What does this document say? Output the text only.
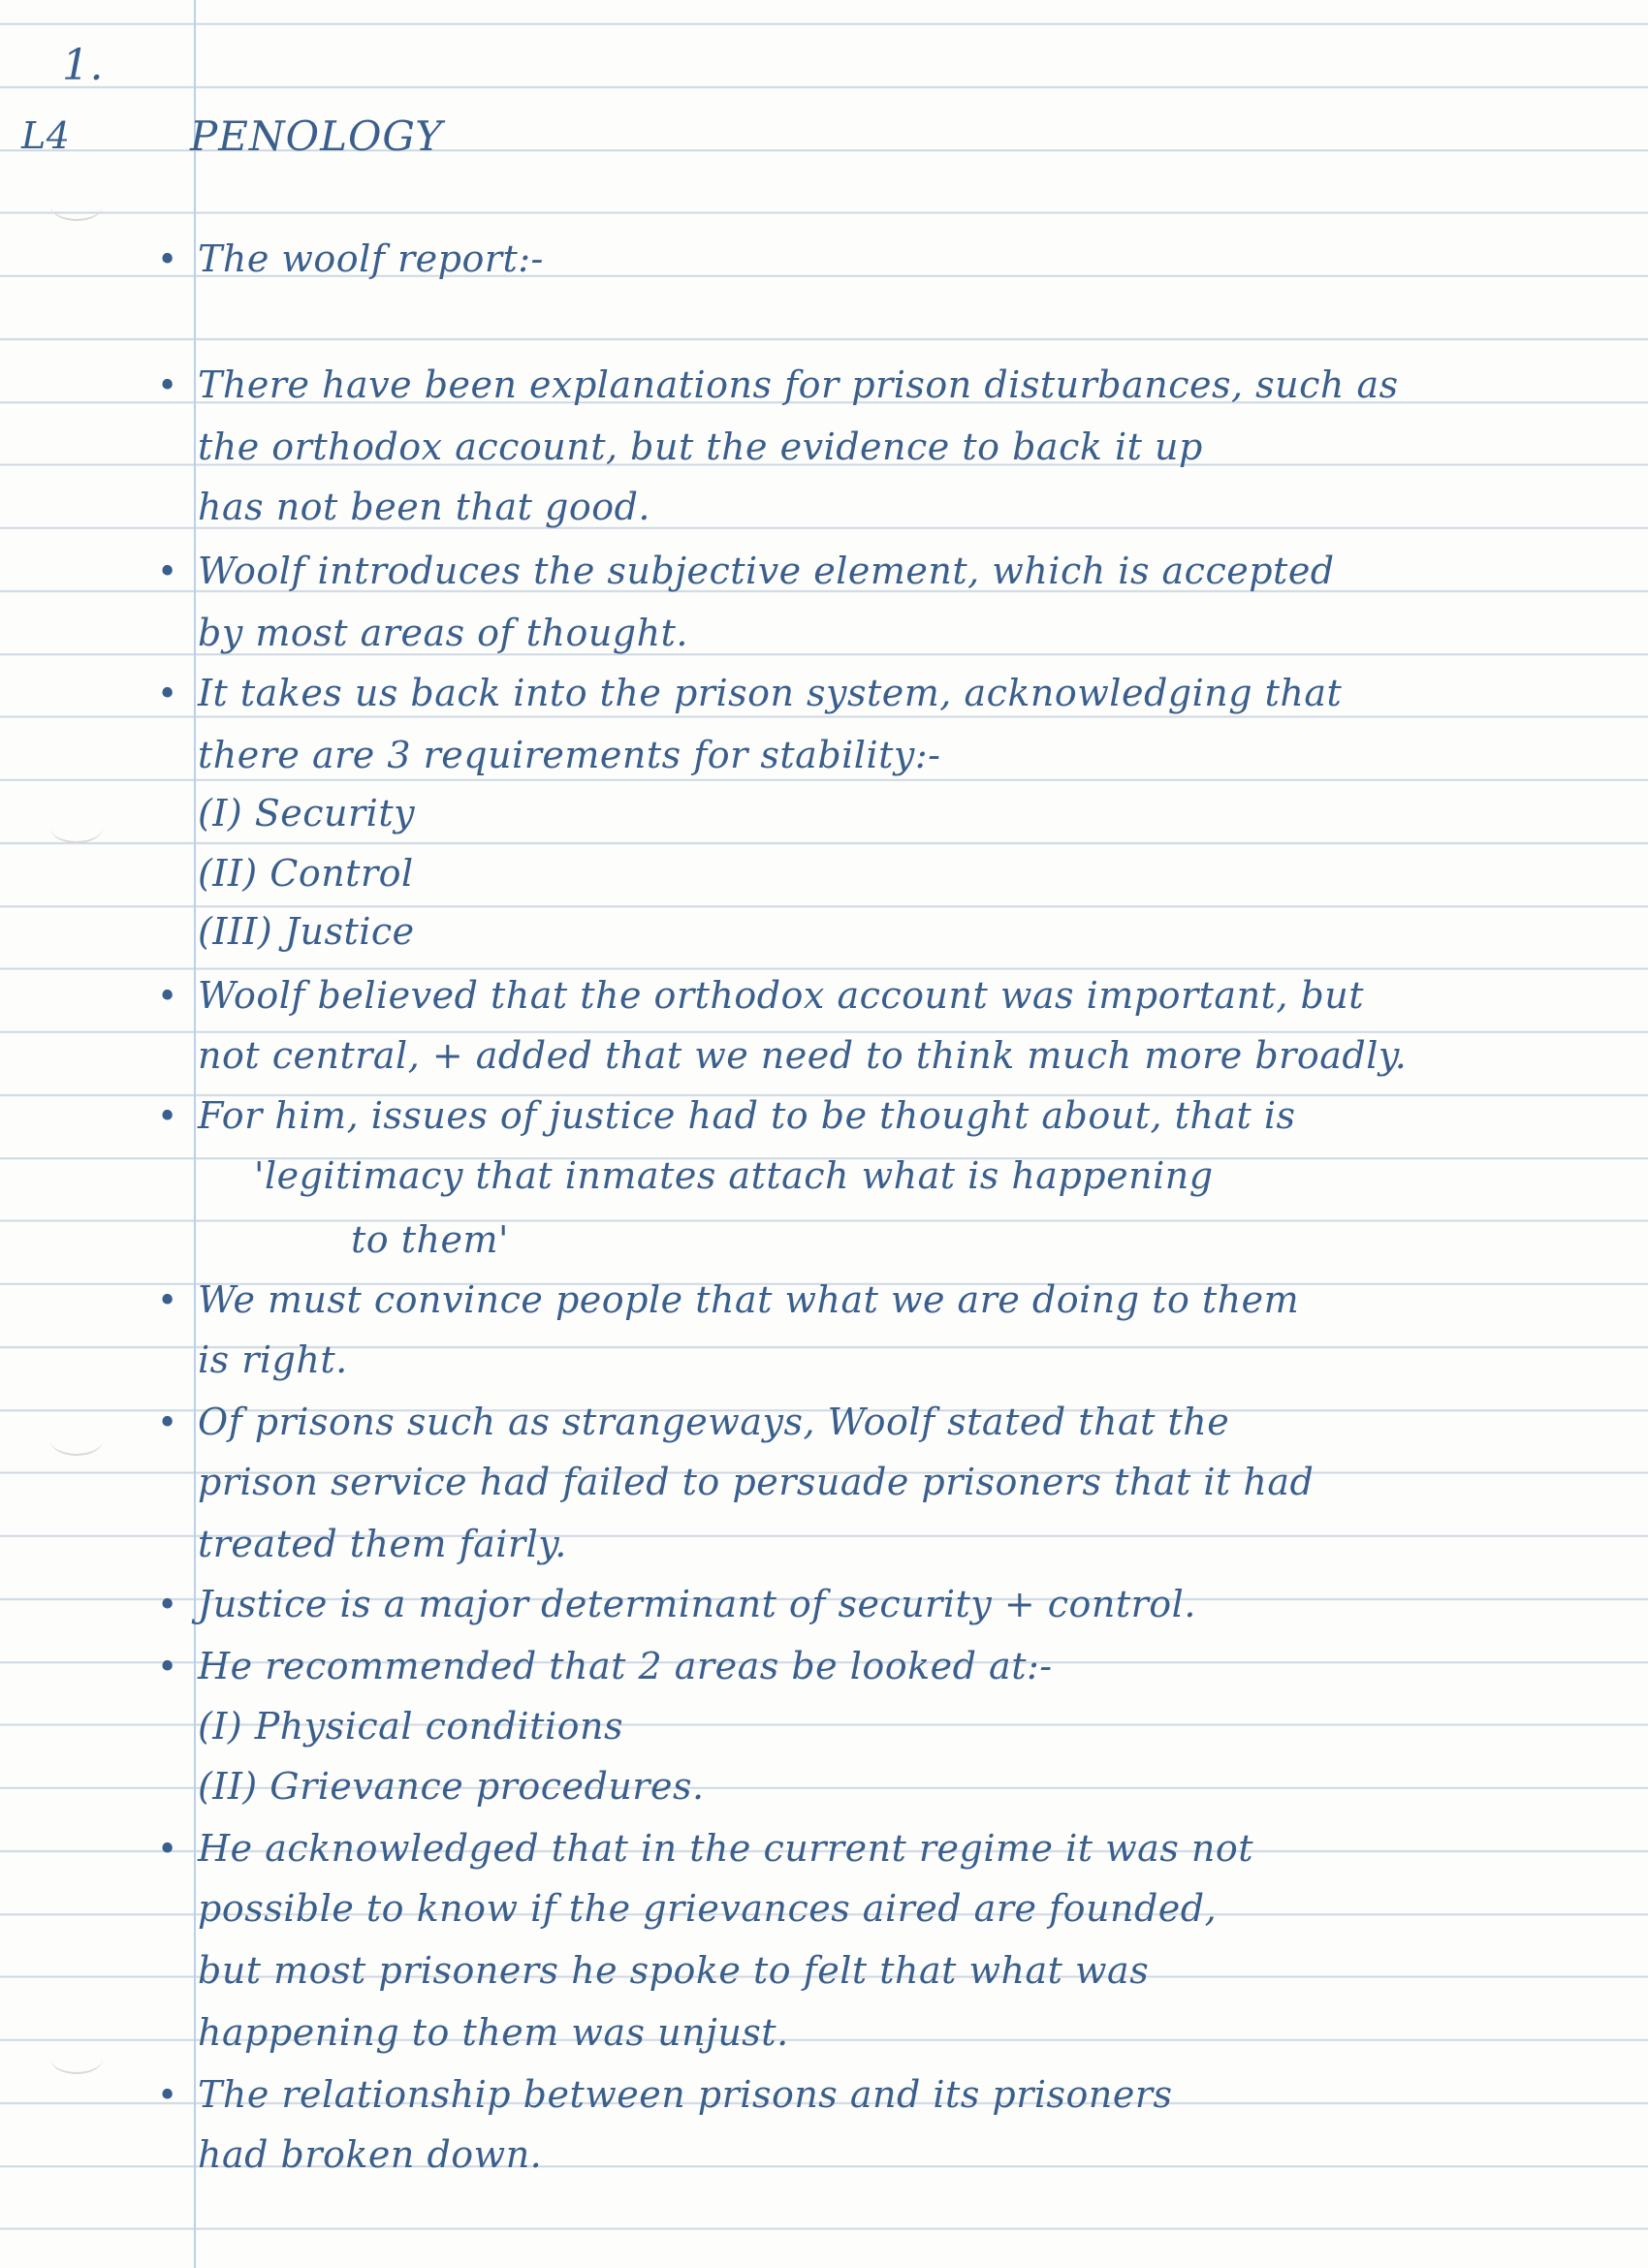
1.
L4	PENOLOGY
• The woolf report:-
• There have been explanations for prison disturbances, such as
the orthodox account, but the evidence to back it up
has not been that good.
• Woolf introduces the subjective element, which is accepted
by most areas of thought.
• It takes us back into the prison system, acknowledging that
there are 3 requirements for stability:-
(I) Security
(II) Control
(III) Justice
• Woolf believed that the orthodox account was important, but
not central, + added that we need to think much more broadly.
• For him, issues of justice had to be thought about, that is
'legitimacy that inmates attach what is happening
to them'
• We must convince people that what we are doing to them
is right.
• Of prisons such as strangeways, Woolf stated that the
prison service had failed to persuade prisoners that it had
treated them fairly.
• Justice is a major determinant of security + control.
• He recommended that 2 areas be looked at:-
(I) Physical conditions
(II) Grievance procedures.
• He acknowledged that in the current regime it was not
possible to know if the grievances aired are founded,
but most prisoners he spoke to felt that what was
happening to them was unjust.
• The relationship between prisons and its prisoners
had broken down.
